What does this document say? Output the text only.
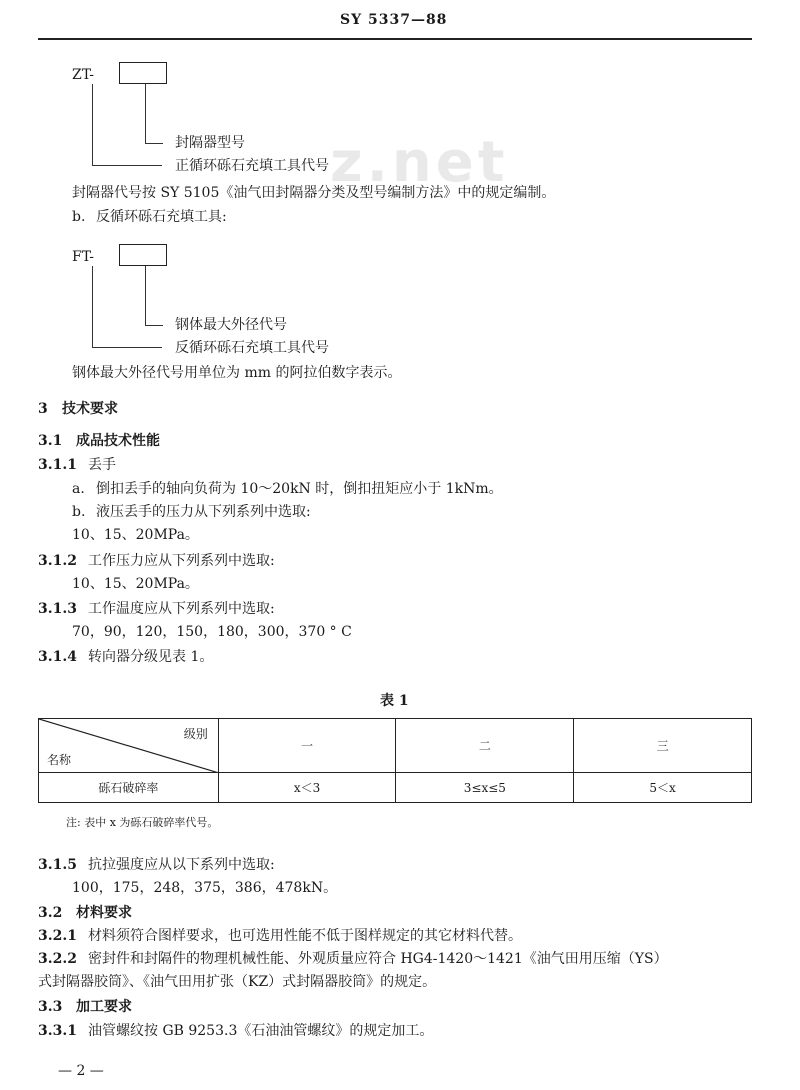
SY 5337—88
z.net
ZT-
封隔器型号
正循环砾石充填工具代号
封隔器代号按 SY 5105《油气田封隔器分类及型号编制方法》中的规定编制。
b. 反循环砾石充填工具:
FT-
钢体最大外径代号
反循环砾石充填工具代号
钢体最大外径代号用单位为 mm 的阿拉伯数字表示。
3 技术要求
3.1 成品技术性能
3.1.1 丢手
a. 倒扣丢手的轴向负荷为 10～20kN 时，倒扣扭矩应小于 1kNm。
b. 液压丢手的压力从下列系列中选取:
10、15、20MPa。
3.1.2 工作压力应从下列系列中选取:
10、15、20MPa。
3.1.3 工作温度应从下列系列中选取:
70，90，120，150，180，300，370 ° C
3.1.4 转向器分级见表 1。
表 1
级别
名称	一	二	三
砾石破碎率	x＜3	3≤x≤5	5＜x
注: 表中 x 为砾石破碎率代号。
3.1.5 抗拉强度应从以下系列中选取:
100，175，248，375，386，478kN。
3.2 材料要求
3.2.1 材料须符合图样要求，也可选用性能不低于图样规定的其它材料代替。
3.2.2 密封件和封隔件的物理机械性能、外观质量应符合 HG4-1420～1421《油气田用压缩（YS）
式封隔器胶筒》、《油气田用扩张（KZ）式封隔器胶筒》的规定。
3.3 加工要求
3.3.1 油管螺纹按 GB 9253.3《石油油管螺纹》的规定加工。
— 2 —
